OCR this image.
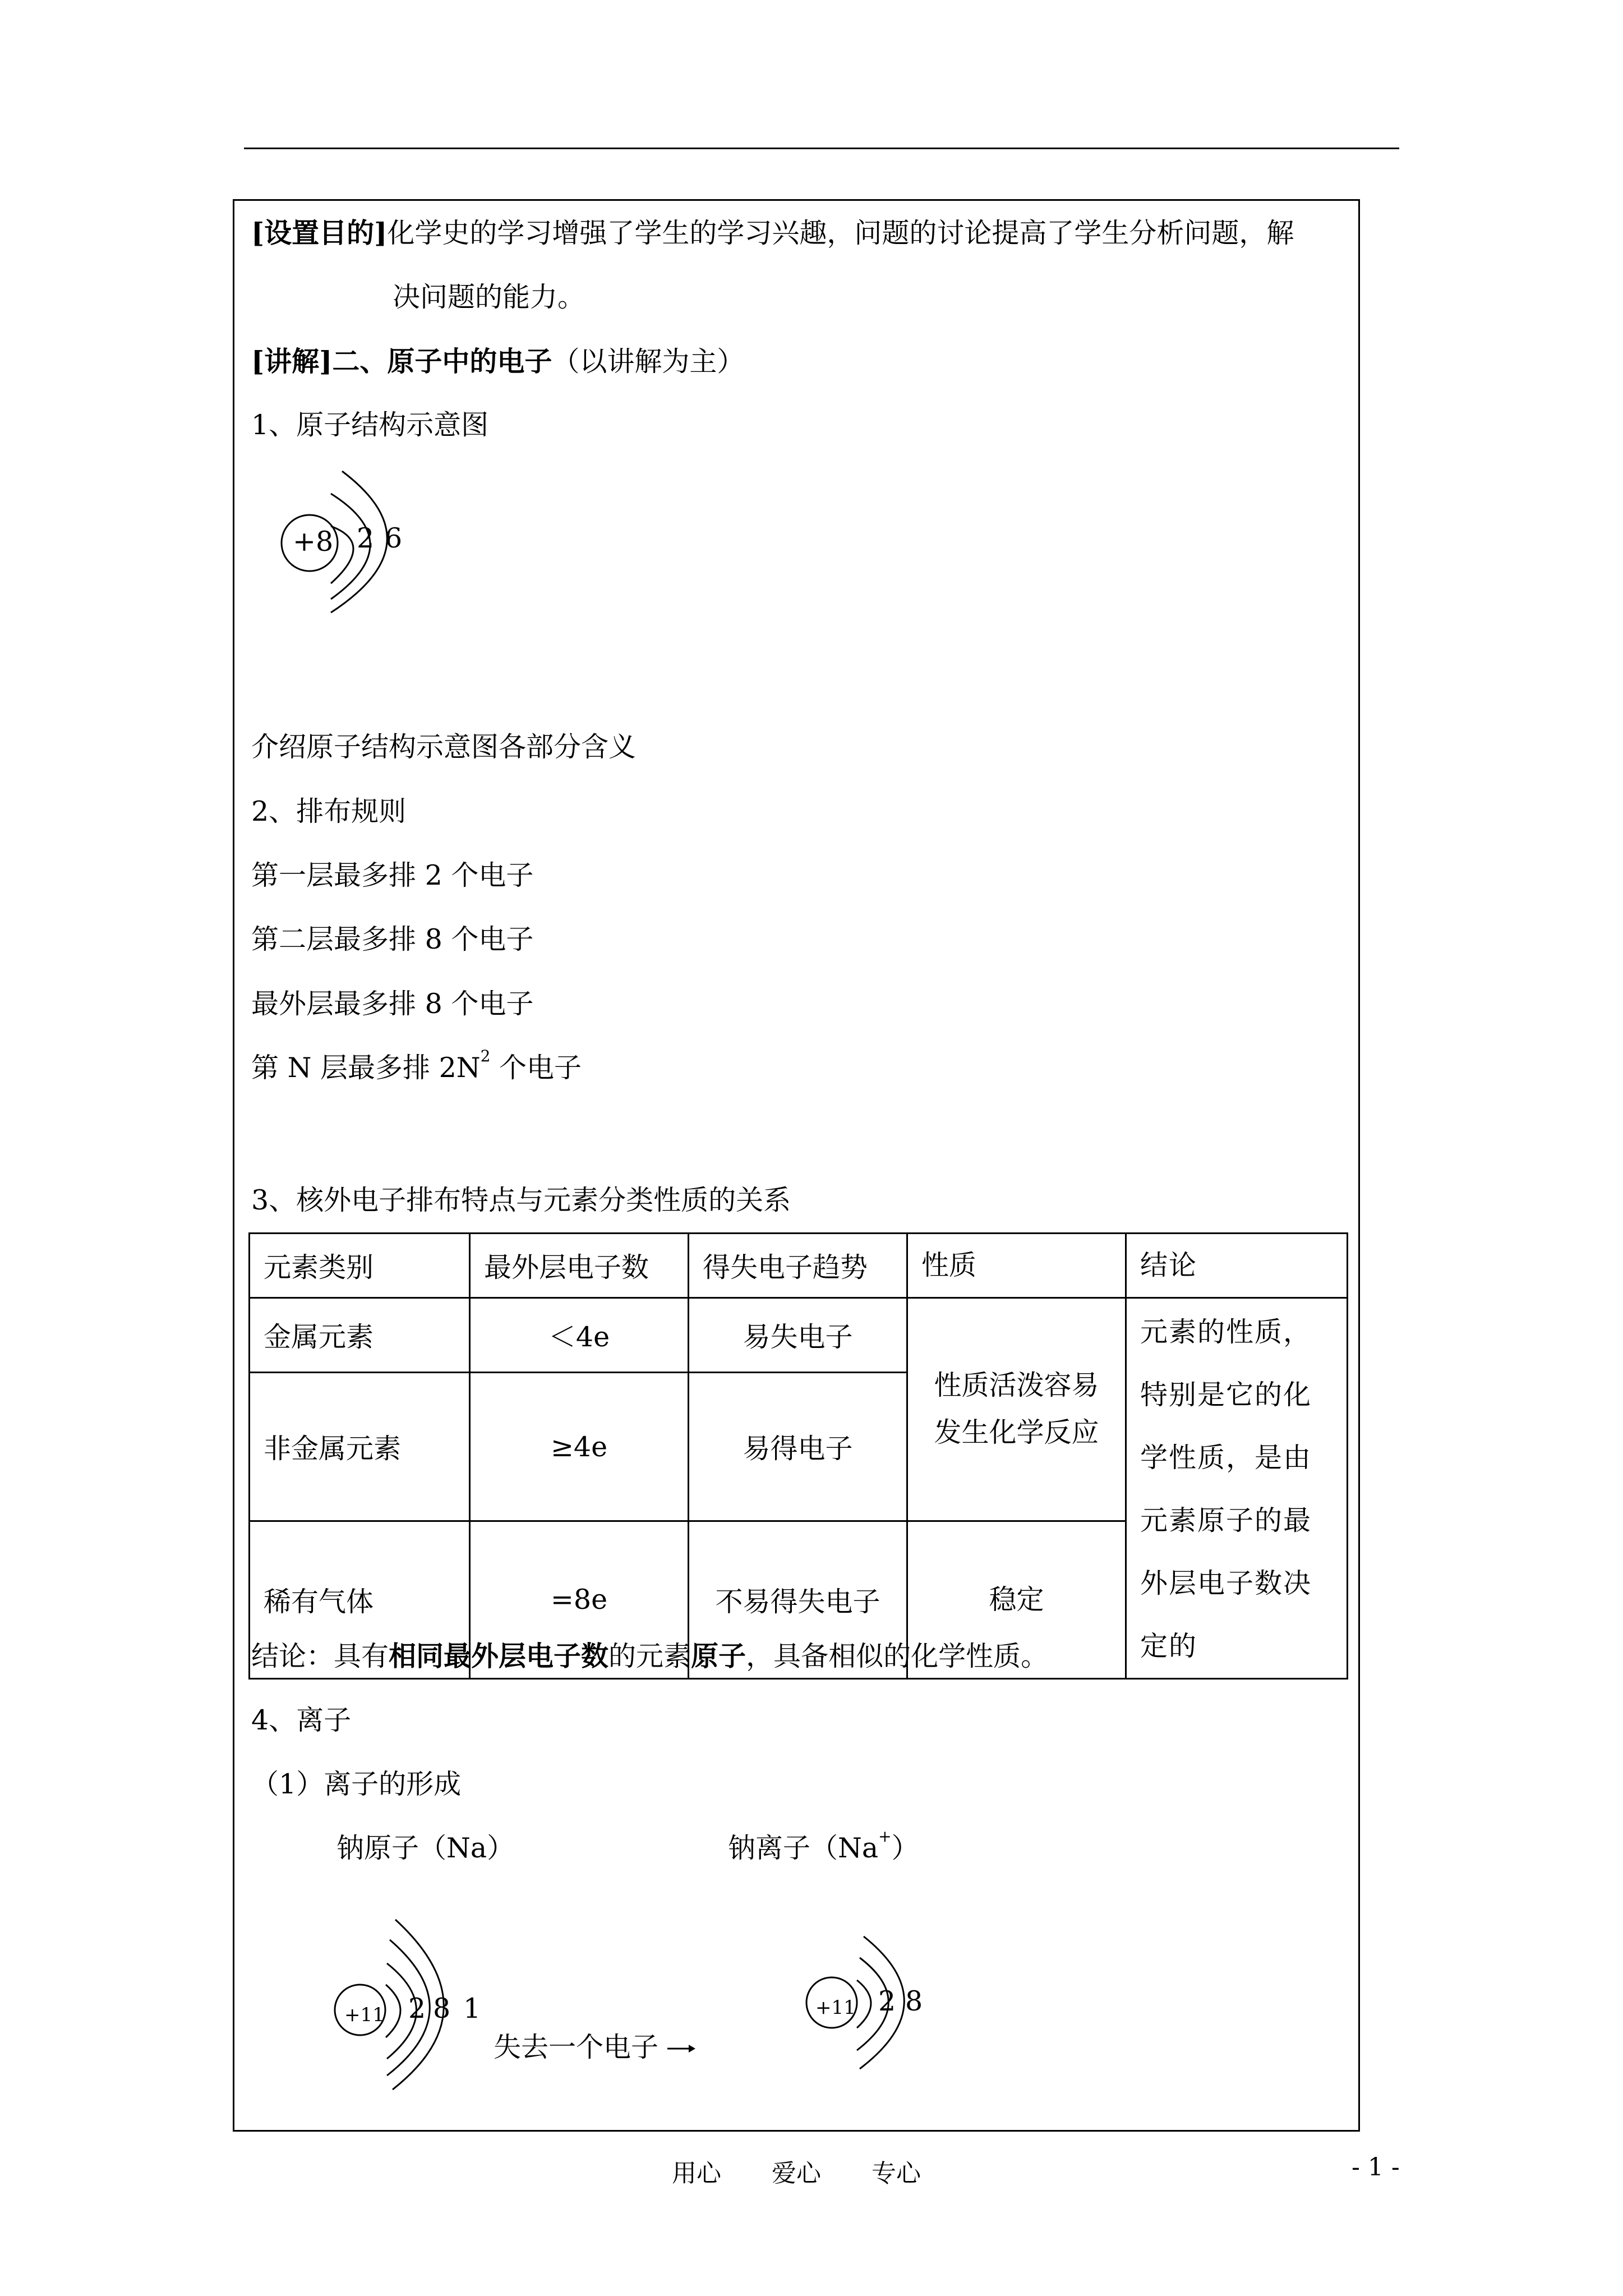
[设置目的]化学史的学习增强了学生的学习兴趣，问题的讨论提高了学生分析问题，解
决问题的能力。
[讲解]二、原子中的电子（以讲解为主）
1、原子结构示意图
+8 2 6
介绍原子结构示意图各部分含义
2、排布规则
第一层最多排 2 个电子
第二层最多排 8 个电子
最外层最多排 8 个电子
第 N 层最多排 $2N^2$ 个电子
3、核外电子排布特点与元素分类性质的关系
元素类别	最外层电子数	得失电子趋势	性质	结论
金属元素	＜4e	易失电子	性质活泼容易发生化学反应	元素的性质，特别是它的化学性质，是由元素原子的最外层电子数决定的
非金属元素	≥4e	易得电子		
稀有气体	=8e	不易得失电子	稳定	
结论：具有相同最外层电子数的元素原子，具备相似的化学性质。
4、离子
（1）离子的形成
钠原子（Na）	钠离子（Na+）
+11 2 8 1
失去一个电子
+11 2 8
用心 爱心 专心	- 1 -
